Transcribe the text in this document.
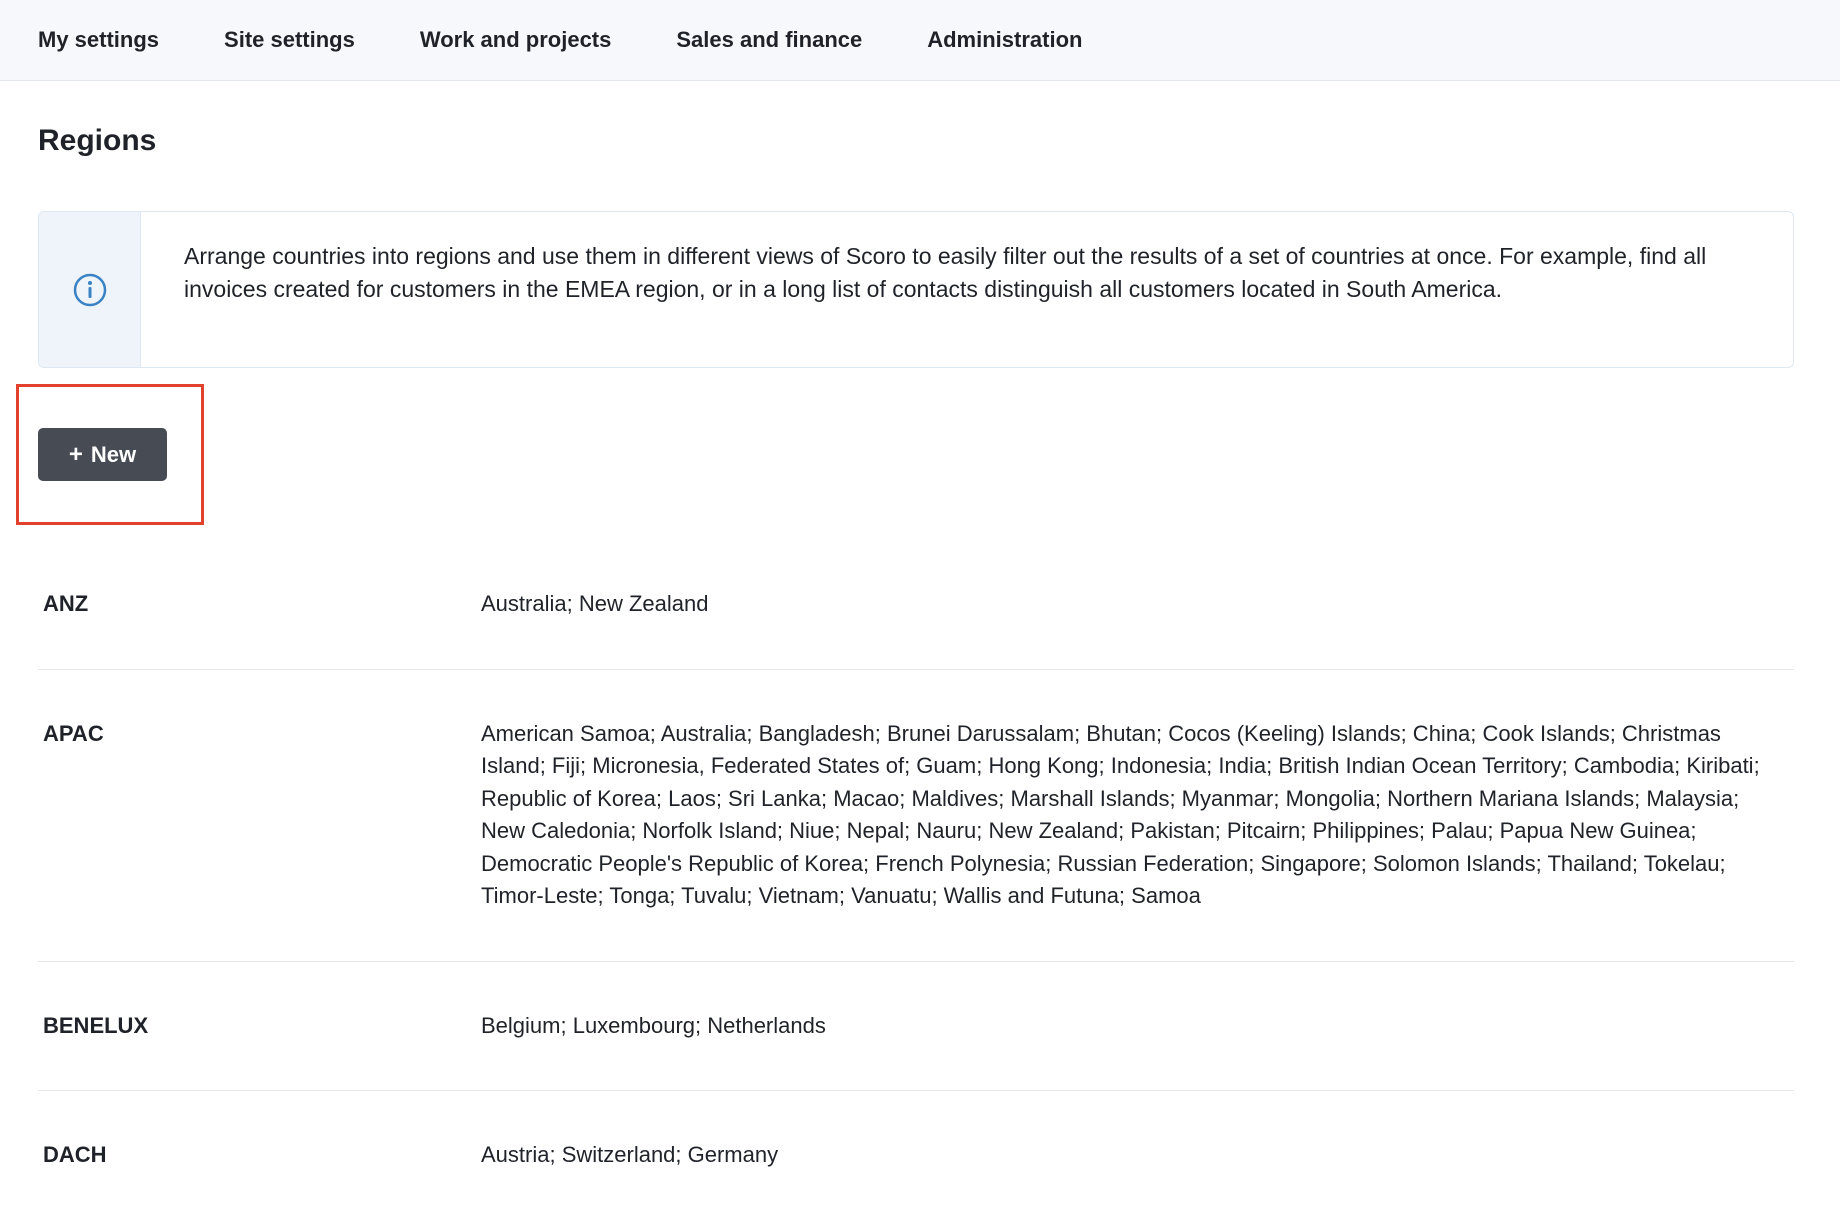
My settings	Site settings	Work and projects	Sales and finance	Administration
Regions
Arrange countries into regions and use them in different views of Scoro to easily filter out the results of a set of countries at once. For example, find all invoices created for customers in the EMEA region, or in a long list of contacts distinguish all customers located in South America.
+ New
ANZ	Australia; New Zealand
APAC	American Samoa; Australia; Bangladesh; Brunei Darussalam; Bhutan; Cocos (Keeling) Islands; China; Cook Islands; Christmas Island; Fiji; Micronesia, Federated States of; Guam; Hong Kong; Indonesia; India; British Indian Ocean Territory; Cambodia; Kiribati; Republic of Korea; Laos; Sri Lanka; Macao; Maldives; Marshall Islands; Myanmar; Mongolia; Northern Mariana Islands; Malaysia; New Caledonia; Norfolk Island; Niue; Nepal; Nauru; New Zealand; Pakistan; Pitcairn; Philippines; Palau; Papua New Guinea; Democratic People's Republic of Korea; French Polynesia; Russian Federation; Singapore; Solomon Islands; Thailand; Tokelau; Timor-Leste; Tonga; Tuvalu; Vietnam; Vanuatu; Wallis and Futuna; Samoa
BENELUX	Belgium; Luxembourg; Netherlands
DACH	Austria; Switzerland; Germany
